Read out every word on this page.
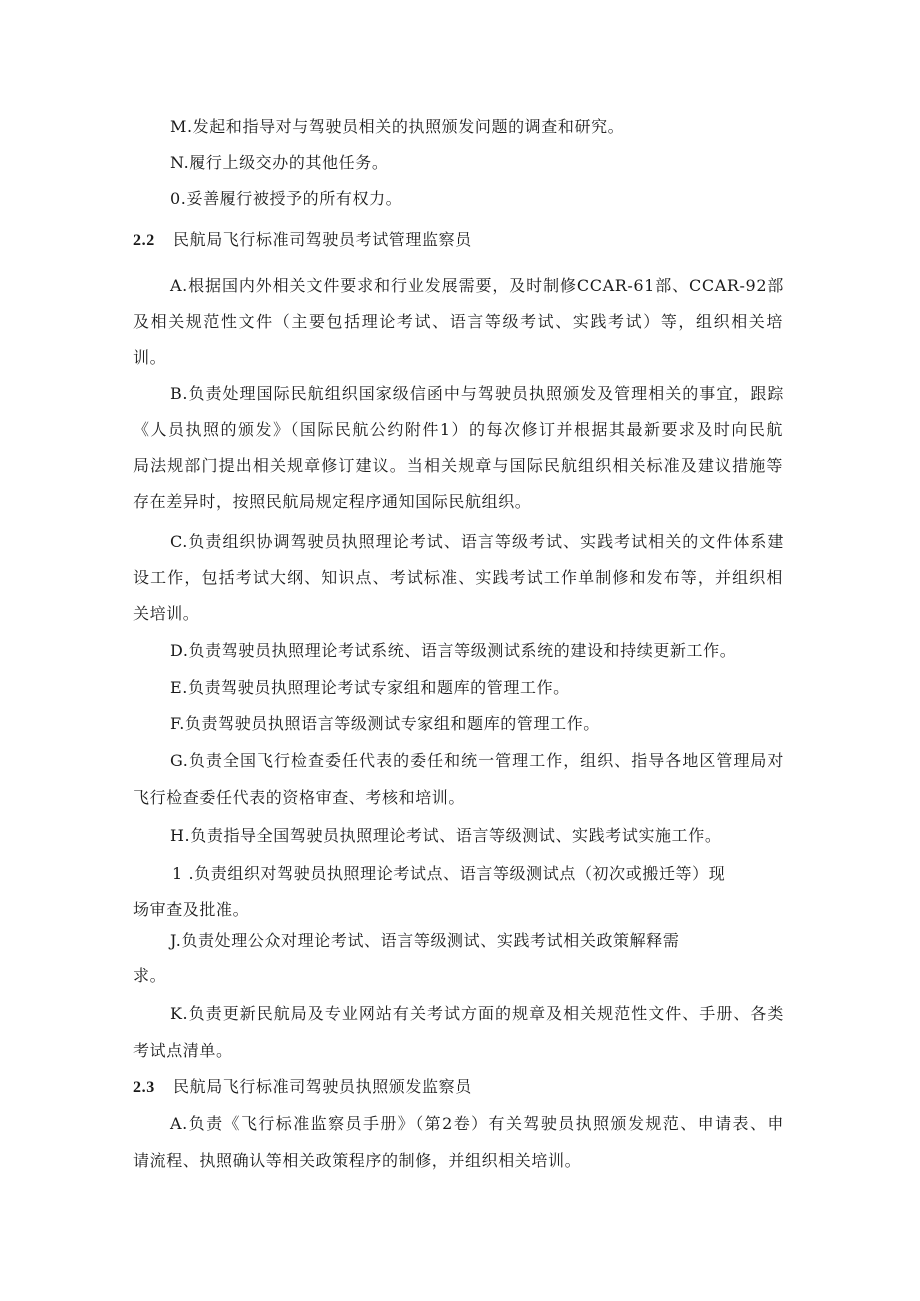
M.发起和指导对与驾驶员相关的执照颁发问题的调查和研究。

N.履行上级交办的其他任务。

0.妥善履行被授予的所有权力。

2.2 民航局飞行标准司驾驶员考试管理监察员

A.根据国内外相关文件要求和行业发展需要，及时制修CCAR-61部、CCAR-92部

及相关规范性文件（主要包括理论考试、语言等级考试、实践考试）等，组织相关培

训。

B.负责处理国际民航组织国家级信函中与驾驶员执照颁发及管理相关的事宜，跟踪

《人员执照的颁发》（国际民航公约附件1）的每次修订并根据其最新要求及时向民航

局法规部门提出相关规章修订建议。当相关规章与国际民航组织相关标准及建议措施等

存在差异时，按照民航局规定程序通知国际民航组织。

C.负责组织协调驾驶员执照理论考试、语言等级考试、实践考试相关的文件体系建

设工作，包括考试大纲、知识点、考试标准、实践考试工作单制修和发布等，并组织相

关培训。

D.负责驾驶员执照理论考试系统、语言等级测试系统的建设和持续更新工作。

E.负责驾驶员执照理论考试专家组和题库的管理工作。

F.负责驾驶员执照语言等级测试专家组和题库的管理工作。

G.负责全国飞行检查委任代表的委任和统一管理工作，组织、指导各地区管理局对

飞行检查委任代表的资格审查、考核和培训。

H.负责指导全国驾驶员执照理论考试、语言等级测试、实践考试实施工作。

1 .负责组织对驾驶员执照理论考试点、语言等级测试点（初次或搬迁等）现

场审查及批准。

J.负责处理公众对理论考试、语言等级测试、实践考试相关政策解释需

求。

K.负责更新民航局及专业网站有关考试方面的规章及相关规范性文件、手册、各类

考试点清单。

2.3 民航局飞行标准司驾驶员执照颁发监察员

A.负责《飞行标准监察员手册》（第2卷）有关驾驶员执照颁发规范、申请表、申

请流程、执照确认等相关政策程序的制修，并组织相关培训。
